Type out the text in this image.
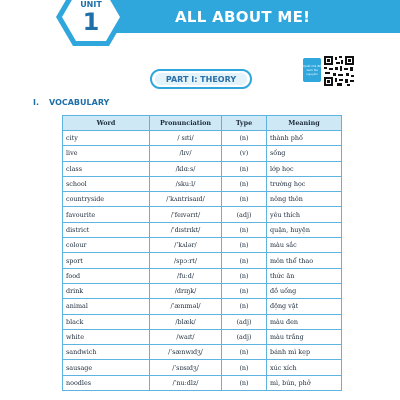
ALL ABOUT ME!
UNIT
1
PART I: THEORY
Quét mã để xem tài nguyên
I. VOCABULARY
Word	Pronunciation	Type	Meaning
city	/ sɪti/	(n)	thành phố
live	/lɪv/	(v)	sống
class	/klɑːs/	(n)	lớp học
school	/skuːl/	(n)	trường học
countryside	/ˈkʌntrisaɪd/	(n)	nông thôn
favourite	/ˈfeɪvərɪt/	(adj)	yêu thích
district	/ˈdɪstrɪkt/	(n)	quận, huyện
colour	/ˈkʌlər/	(n)	màu sắc
sport	/spɔːrt/	(n)	môn thể thao
food	/fuːd/	(n)	thức ăn
drink	/drɪŋk/	(n)	đồ uống
animal	/ˈænɪməl/	(n)	động vật
black	/blæk/	(adj)	màu đen
white	/waɪt/	(adj)	màu trắng
sandwich	/ˈsænwɪdʒ/	(n)	bánh mì kẹp
sausage	/ˈsɒsɪdʒ/	(n)	xúc xích
noodles	/ˈnuːdlz/	(n)	mì, bún, phở
